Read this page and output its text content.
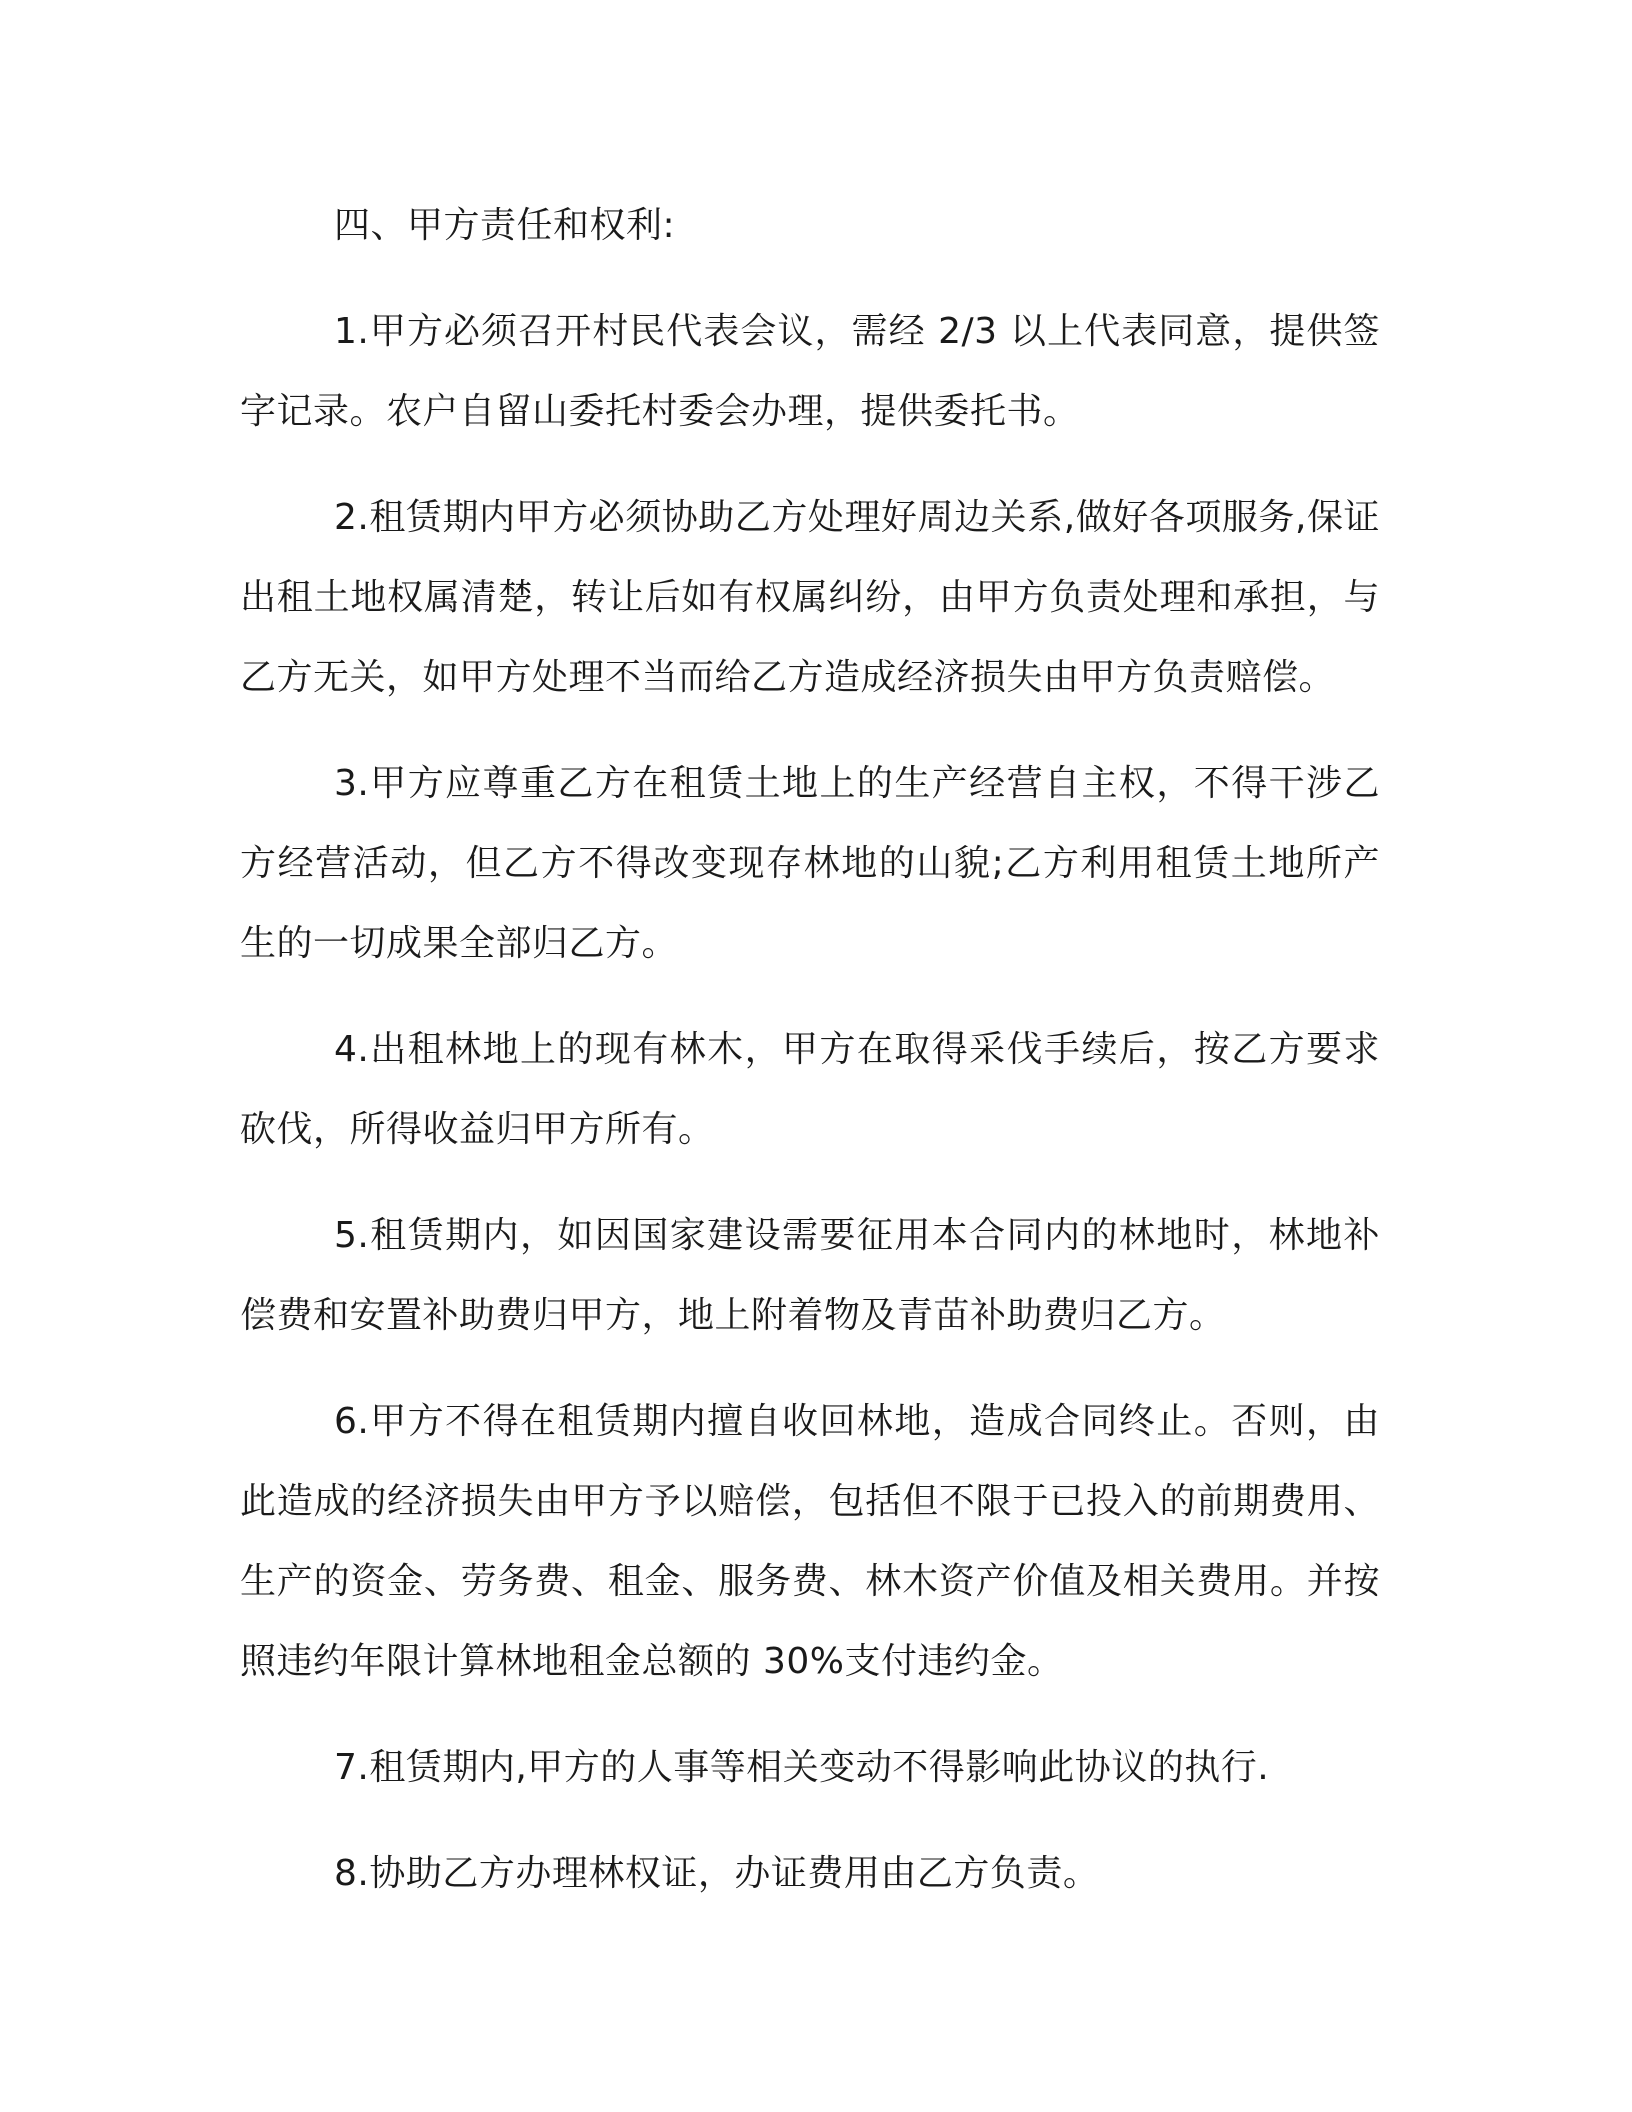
四、甲方责任和权利:

1.甲方必须召开村民代表会议，需经 2/3 以上代表同意，提供签字记录。农户自留山委托村委会办理，提供委托书。

2.租赁期内甲方必须协助乙方处理好周边关系,做好各项服务,保证出租土地权属清楚，转让后如有权属纠纷，由甲方负责处理和承担，与乙方无关，如甲方处理不当而给乙方造成经济损失由甲方负责赔偿。

3.甲方应尊重乙方在租赁土地上的生产经营自主权，不得干涉乙方经营活动，但乙方不得改变现存林地的山貌;乙方利用租赁土地所产生的一切成果全部归乙方。

4.出租林地上的现有林木，甲方在取得采伐手续后，按乙方要求砍伐，所得收益归甲方所有。

5.租赁期内，如因国家建设需要征用本合同内的林地时，林地补偿费和安置补助费归甲方，地上附着物及青苗补助费归乙方。

6.甲方不得在租赁期内擅自收回林地，造成合同终止。否则，由此造成的经济损失由甲方予以赔偿，包括但不限于已投入的前期费用、生产的资金、劳务费、租金、服务费、林木资产价值及相关费用。并按照违约年限计算林地租金总额的 30%支付违约金。

7.租赁期内,甲方的人事等相关变动不得影响此协议的执行.

8.协助乙方办理林权证，办证费用由乙方负责。
